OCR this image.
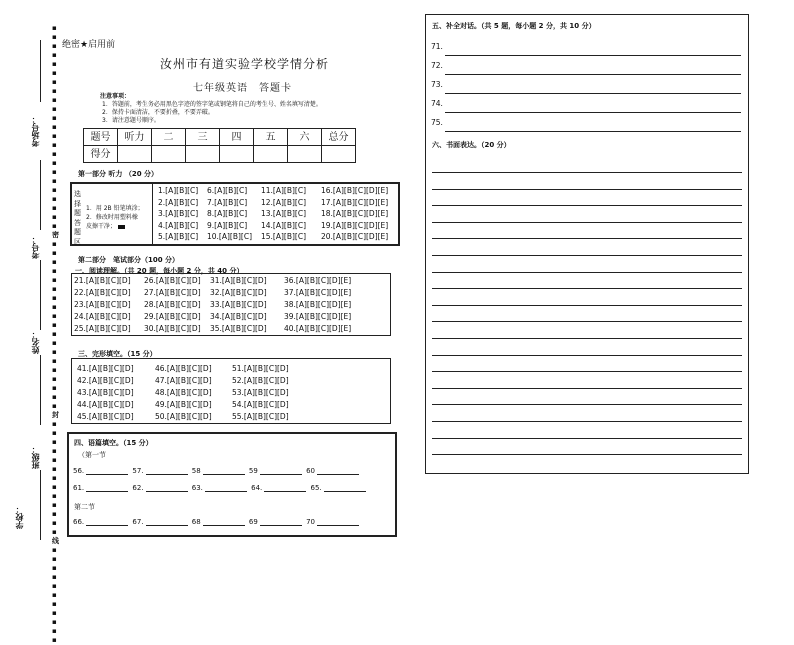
▪
▪
▪
▪
▪
▪
▪
▪
▪
▪
▪
▪
▪
▪
▪
▪
▪
▪
▪
▪
▪
▪
▪
密
▪
▪
▪
▪
▪
▪
▪
▪
▪
▪
▪
▪
▪
▪
▪
▪
▪
▪
▪
封
▪
▪
▪
▪
▪
▪
▪
▪
▪
▪
▪
▪
▪
线
▪
▪
▪
▪
▪
▪
▪
▪
▪
▪
▪
考场号：
考号：
姓名：
班级：
学校：
绝密★启用前
汝州市有道实验学校学情分析
七年级英语　答题卡
注意事项：
1．答题前，考生务必用黑色字迹的签字笔或钢笔将自己的考生号、姓名填写清楚。
2．保持卡面清洁，不要折叠，不要弄破。
3．请注意题号顺序。
题号	听力	二	三	四	五	六	总分
得分							
第一部分 听力 （20 分）
选
择
题
答
题
区
1．用 2B 铅笔填涂；
2．修改时用塑料橡
皮擦干净；
1.[A][B][C]
2.[A][B][C]
3.[A][B][C]
4.[A][B][C]
5.[A][B][C]
6.[A][B][C]
7.[A][B][C]
8.[A][B][C]
9.[A][B][C]
10.[A][B][C]
11.[A][B][C]
12.[A][B][C]
13.[A][B][C]
14.[A][B][C]
15.[A][B][C]
16.[A][B][C][D][E]
17.[A][B][C][D][E]
18.[A][B][C][D][E]
19.[A][B][C][D][E]
20.[A][B][C][D][E]
第二部分　笔试部分（100 分）
一、阅读理解。（共 20 题，每小题 2 分，共 40 分）
21.[A][B][C][D]
22.[A][B][C][D]
23.[A][B][C][D]
24.[A][B][C][D]
25.[A][B][C][D]
26.[A][B][C][D]
27.[A][B][C][D]
28.[A][B][C][D]
29.[A][B][C][D]
30.[A][B][C][D]
31.[A][B][C][D]
32.[A][B][C][D]
33.[A][B][C][D]
34.[A][B][C][D]
35.[A][B][C][D]
36.[A][B][C][D][E]
37.[A][B][C][D][E]
38.[A][B][C][D][E]
39.[A][B][C][D][E]
40.[A][B][C][D][E]
三、完形填空。（15 分）
41.[A][B][C][D]
42.[A][B][C][D]
43.[A][B][C][D]
44.[A][B][C][D]
45.[A][B][C][D]
46.[A][B][C][D]
47.[A][B][C][D]
48.[A][B][C][D]
49.[A][B][C][D]
50.[A][B][C][D]
51.[A][B][C][D]
52.[A][B][C][D]
53.[A][B][C][D]
54.[A][B][C][D]
55.[A][B][C][D]
四、语篇填空。（15 分）
（第一节
56.	57.	58	59	60
61.	62.	63.	64.	65.
第二节
66.	67.	68	69	70
五、补全对话。（共 5 题，每小题 2 分，共 10 分）
71.
72.
73.
74.
75.
六、书面表达。（20 分）
